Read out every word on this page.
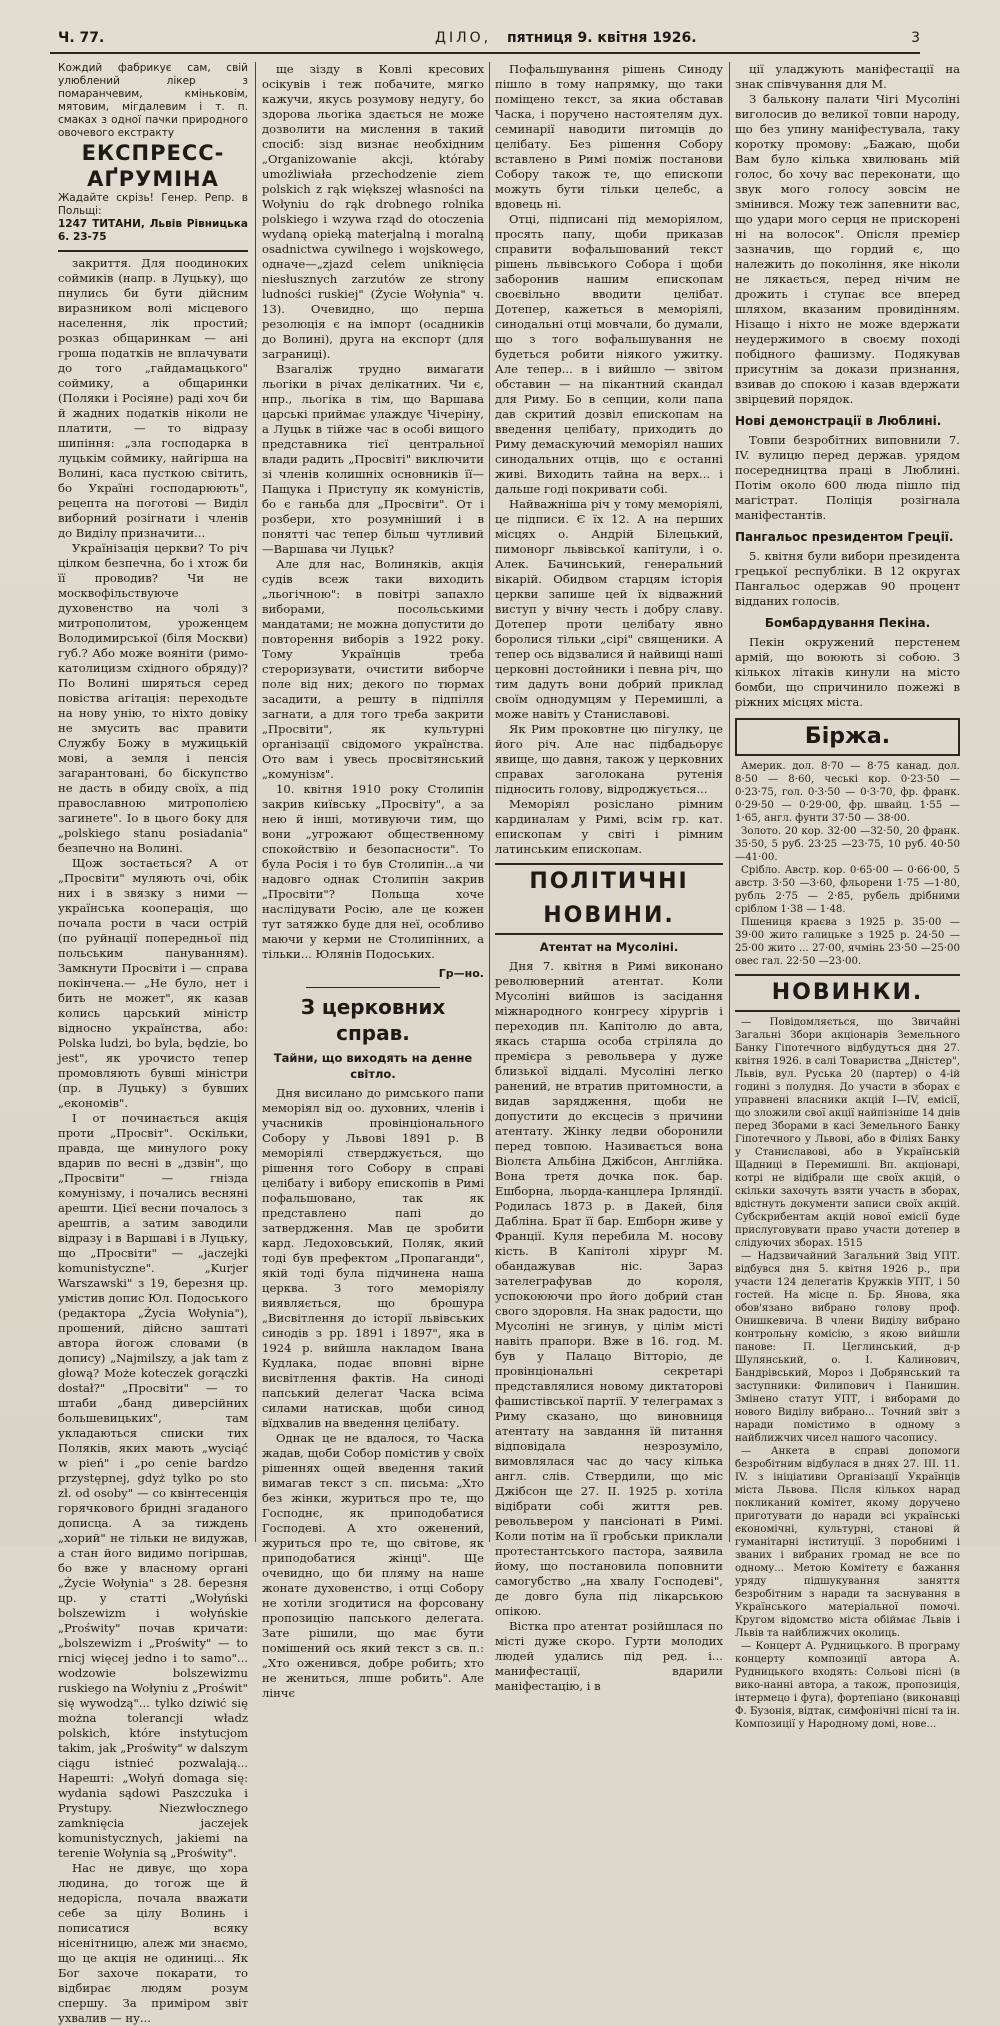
Ч. 77.	ДІЛО, пятниця 9. квітня 1926.	3

Кождий фабрикує сам, свій улюблений лікер з помаранчевим, кміньковім, мятовим, мігдалевим і т. п. смаках з одної пачки природного овочевого екстракту

ЕКСПРЕСС-АҐРУМІНА

Жадайте скрізь! Генер. Репр. в Польщі:

1247 ТИТАНИ, Львів Рівницька 6. 23-75

закриття. Для поодиноких соймиків (напр. в Луцьку), що пнулись би бути дійсним виразником волі місцевого населення, лік простий; розказ общаринкам — ані гроша податків не вплачувати до того „гайдамацького" соймику, а общаринки (Поляки і Росіяне) раді хоч би й жадних податків ніколи не платити, — то відразу шипіння: „зла господарка в луцькім соймику, найгірша на Волині, каса пусткою світить, бо Україні господарюють", рецепта на поготові — Виділ виборний розігнати і членів до Виділу призначити...

Українізація церкви? То річ цілком безпечна, бо і хтож би її проводив? Чи не москвофільствуюче духовенство на чолі з митрополитом, уроженцем Володимирської (біля Москви) губ.? Або може вояніти (римо-католицизм східного обряду)? По Волині ширяться серед повіства агітація: переходьте на нову унію, то ніхто довіку не змусить вас правити Службу Божу в мужицькій мові, а земля і пенсія загарантовані, бо біскупство не дасть в обиду своїх, а під православною митрополією загинете". Іо в цього боку для „polskiego stanu posiadania" безпечно на Волині.

Щож зостається? А от „Просвіти" муляють очі, обік них і в звязку з ними — українська кооперація, що почала рости в часи острій (по руйнації попередньої під польським пануванням). Замкнути Просвіти і — справа покінчена.— „Не було, нет і бить не может", як казав колись царський міністр відносно українства, або: Polska ludzi, bo byla, będzie, bo jest", як урочисто тепер промовляють бувші міністри (пр. в Луцьку) з бувших „економів".

І от починається акція проти „Просвіт". Оскільки, правда, ще минулого року вдарив по весні в „дзвін", що „Просвіти" — гнізда комунізму, і почались весняні арешти. Цієї весни почалось з арештів, а затим заводили відразу і в Варшаві і в Луцьку, що „Просвіти" — „jaczejki komunistyczne". „Kurjer Warszawski" з 19, березня цр. умістив допис Юл. Подоського (редактора „Życia Wołynia"), прошений, дійсно заштаті автора йогож словами (в допису) „Najmilszy, a jak tam z głową? Może koteczek gorączki dostał?" „Просвіти" — то штаби „банд диверсійних большевицьких", там укладаються списки тих Поляків, яких мають „wyciąć w pień" і „po cenie bardzo przystępnej, gdyż tylko po sto zł. od osoby" — со квінтесенція горячкового бридні згаданого дописца. А за тиждень „хорий" не тільки не видужав, а стан його видимо погіршав, бо вже у власному органі „Życie Wołynia" з 28. березня цр. у статті „Wołyński bolszewizm i wołyńskie „Proświty" почав кричати: „bolszewizm i „Proświty" — to rnicj więcej jedno i to samo"... wodzowie bolszewizmu ruskiego na Wołyniu z „Proświt" się wywodzą"... tylko dziwić się można tolerancji władz polskich, które instytucjom takim, jak „Proświty" w dalszym ciągu istnieć pozwalają... Нарешті: „Wołyń domaga się: wydania sądowi Paszczuka i Prystupy. Niezwłocznego zamknięcia jaczejek komunistycznych, jakiemi na terenie Wołynia są „Proświty".

Нас не дивує, що хора людина, до тогож ще й недорісла, почала вважати себе за цілу Волинь і пописатися всяку нісенітницю, алеж ми знаємо, що це акція не одиниці... Як Бог захоче покарати, то відбирає людям розум спершу. За приміром звіт ухвалив — ну...

ще зізду в Ковлі кресових осікувів і теж побачите, мягко кажучи, якусь розумову недугу, бо здорова льогіка здається не може дозволити на мислення в такий спосіб: зізд визнає необхідним „Organizowanie akcji, któraby umożliwiała przechodzenie ziem polskich z rąk większej własności na Wołyniu do rąk drobnego rolnika polskiego i wzywa rząd do otoczenia wydaną opieką materjalną i moralną osadnictwa cywilnego i wojskowego, одначе—„zjazd celem uniknięcia niesłusznych zarzutów ze strony ludności ruskiej" (Życie Wołynia" ч. 13). Очевидно, що перша резолюція є на імпорт (осадників до Волині), друга на експорт (для заграниці).

Взагаліж трудно вимагати льогіки в річах делікатних. Чи є, нпр., льогіка в тім, що Варшава царські приймає улаждує Чічеріну, а Луцьк в тійже час в особі вищого представника тієї центральної влади радить „Просвіті" виключити зі членів колишніх основників її—Пащука і Приступу як комуністів, бо є ганьба для „Просвіти". От і розбери, хто розумніший і в понятті час тепер більш чутливий—Варшава чи Луцьк?

Але для нас, Волинякiв, акція судів всеж таки виходить „льогічною": в повітрі запахло виборами, посольськими мандатами; не можна допустити до повторення виборів з 1922 року. Тому Українців треба стероризувати, очистити виборче поле від них; декого по тюрмах засадити, а решту в підпілля загнати, а для того треба закрити „Просвіти", як культурні організації свідомого українства. Ото вам і увесь просвітянський „комунізм".

10. квітня 1910 року Столипін закрив київську „Просвіту", а за нею й інші, мотивуючи тим, що вони „угрожают общественному спокойствію и безопасности". То була Росія і то був Столипін...а чи надовго однак Столипін закрив „Просвіти"? Польща хоче наслідувати Росію, але це кожен тут затяжко буде для неї, особливо маючи у керми не Столипінних, а тільки... Юлянів Подоських.

Гр—но.
З церковних справ.
Тайни, що виходять на денне світло.

Дня висилано до римського папи меморіял від оо. духовних, членів і учасників провінціонального Собору у Львові 1891 р. В меморіялі стверджується, що рішення того Собору в справі целібату і вибору епископів в Римі пофальшовано, так як представлено папі до затвердження. Мав це зробити кард. Ледоховський, Поляк, який тоді був префектом „Пропаганди", якій тоді була підчинена наша церква. З того меморіялу виявляється, що брошура „Висвітлення до історії львівських синодів з рр. 1891 і 1897", яка в 1924 р. вийшла накладом Івана Кудлака, подає вповні вірне висвітлення фактів. На синоді папський делегат Часка всіма силами натискав, щоби синод вїдхвалив на введення целібату.

Однак це не вдалося, то Часка жадав, щоби Собор помістив у своїх рішеннях ощей введення такий вимагав текст з сп. письма: „Хто без жінки, журиться про те, що Господнє, як приподобатися Господеві. А хто оженений, журиться про те, що світове, як приподобатися жінці". Ще очевидно, що би пляму на наше жонате духовенство, і отці Собору не хотіли згодитися на форсовану пропозицію папського делегата. Зате рішили, що має бути помішений ось який текст з св. п.: „Хто оженився, добре робить; хто не жениться, лпше робить". Але лінчє

Пофальшування рішень Синоду пішло в тому напрямку, що таки поміщено текст, за якиа обставав Часка, і поручено настоятелям дух. семинарії наводити питомців до целібату. Без рішення Собору вставлено в Римі поміж постанови Собору також те, що епископи можуть бути тільки целебс, а вдовець ні.

Отці, підписані під меморіялом, просять папу, щоби приказав справити вофальшований текст рішень львівського Собора і щоби заборонив нашим епископам своєвільно вводити целібат. Дотепер, кажеться в меморіялі, синодальні отці мовчали, бо думали, що з того вофальшування не будеться робити ніякого ужитку. Але тепер... в і вийшло — звітом обставин — на пікантний скандал для Риму. Бо в сепции, коли папа дав скритий дозвіл епископам на введення целібату, приходить до Риму демаскуючий меморіял наших синодальних отців, що є останні живі. Виходить тайна на верх... і дальше годі покривати собі.

Найважніша річ у тому меморіялі, це підписи. Є їх 12. А на перших місцях о. Андрій Білецький, пимонорг львівської капітули, і о. Алек. Бачинський, генеральний вікарій. Обидвом старцям історія церкви запише цей їх відважний виступ у вічну честь і добру славу. Дотепер проти целібату явно боролися тільки „сірі" священики. А тепер ось відзвалися й найвищі наші церковні достойники і певна річ, що тим дадуть вони добрий приклад своїм однодумцям у Перемишлі, а може навіть у Станиславові.

Як Рим проковтне цю пігулку, це його річ. Але нас підбадьорує явище, що давня, також у церковних справах заголокана рутенія підносить голову, відроджується...

Меморіял розіслано рімним кардиналам у Римі, всім гр. кат. епископам у світі і рімним латинським епископам.

ПОЛІТИЧНІ НОВИНИ.
Атентат на Мусоліні.

Дня 7. квітня в Римі виконано революверний атентат. Коли Мусоліні вийшов із засідання міжнародного конгресу хірургів і переходив пл. Капітолю до авта, якась старша особа стріляла до премієра з револьвера у дуже близької віддалі. Мусоліні легко ранений, не втратив притомности, а видав зарядження, щоби не допустити до ексцесів з причини атентату. Жінку ледви оборонили перед товпою. Називається вона Віолєта Альбіна Джібсон, Англійка. Вона третя дочка пок. бар. Ешборна, льорда-канцлера Ірляндії. Родилась 1873 р. в Дакей, біля Дабліна. Брат її бар. Ешборн живе у Франції. Куля перебила М. носову кість. В Капітолі хірург М. обандажував ніс. Зараз зателеграфував до короля, успокоюючи про його добрий стан свого здоровля. На знак радости, що Мусоліні не згинув, у цілім місті навіть прапори. Вже в 16. год. М. був у Палацо Вітторіо, де провінціональні секретарі представлялися новому диктаторові фашистівської партії. У телеграмах з Риму сказано, що виновниця атентату на завдання їй питання відповідала незрозуміло, вимовлялася час до часу кілька англ. слів. Ствердили, що міс Джібсон ще 27. II. 1925 р. хотіла відібрати собі життя рев. револьвером у пансіонаті в Римі. Коли потім на її гробськи приклали протестантського пастора, заявила йому, що постановила поповнити самогубство „на хвалу Господеві", де довго була під лікарською опікою.

Вістка про атентат розійшлася по місті дуже скоро. Гурти молодих людей удались під ред. і... манифестації, вдарили маніфестацію, і в

ції уладжують маніфестації на знак співчування для М.

З балькону палати Чігі Мусоліні виголосив до великої товпи народу, що без упину маніфестувала, таку коротку промову: „Бажаю, щоби Вам було кілька хвилювань мій голос, бо хочу вас переконати, що звук мого голосу зовсім не змінився. Можу теж запевнити вас, що удари мого серця не прискорені ні на волосок". Опісля премієр зазначив, що гордий є, що належить до покоління, яке ніколи не лякається, перед нічим не дрожить і ступає все вперед шляхом, вказаним провидінням. Нізащо і ніхто не може вдержати неудержимого в своєму поході побідного фашизму. Подякував присутнім за докази признання, взивав до спокою і казав вдержати звірцевий порядок.

Нові демонстрації в Люблині.

Товпи безробітних виповнили 7. IV. вулицю перед держав. урядом посередництва праці в Люблині. Потім около 600 люда пішло під магістрат. Поліція розігнала маніфестантів.

Пангальос президентом Греції.

5. квітня були вибори президента грецької республіки. В 12 округах Пангальос одержав 90 процент відданих голосів.

Бомбардування Пекіна.

Пекін окружений перстенем армій, що воюють зі собою. З кількох літаків кинули на місто бомби, що спричинило пожежі в ріжних місцях міста.

Біржа.

Америк. дол. 8·70 — 8·75 канад. дол. 8·50 — 8·60, чеські кор. 0·23·50 — 0·23·75, гол. 0·3·50 — 0·3·70, фр. франк. 0·29·50 — 0·29·00, фр. швайц. 1·55 — 1·65, англ. фунти 37·50 — 38·00.

Золото. 20 кор. 32·00 —32·50, 20 франк. 35·50, 5 руб. 23·25 —23·75, 10 руб. 40·50 —41·00.

Срібло. Австр. кор. 0·65·00 — 0·66·00, 5 австр. 3·50 —3·60, фльорени 1·75 —1·80, рубль 2·75 — 2·85, рубель дрібними сріблом 1·38 — 1·48.

Пшениця краєва з 1925 р. 35·00 — 39·00 жито галицьке з 1925 р. 24·50 —25·00 жито ... 27·00, ячмінь 23·50 —25·00 овес гал. 22·50 —23·00.

НОВИНКИ.

— Повідомляється, що Звичайні Загальні Збори акціонарів Земельного Банку Гіпотечного відбудуться дня 27. квітня 1926. в салі Товариства „Дністер", Львів, вул. Руська 20 (партер) о 4-ій годині з полудня. До участи в зборах є управнені власники акцій I—IV, емісії, що зложили свої акції найпізніше 14 днів перед Зборами в касі Земельного Банку Гіпотечного у Львові, або в Філіях Банку у Станиславові, або в Українській Щадниці в Перемишлі. Вп. акціонарі, котрі не відібрали ще своїх акцій, о скільки захочуть взяти участь в зборах, вдістнуть документи записи своїх акцій. Субскрибентам акцій нової емісії буде прислуговувати право участи дотепер в слідуючих зборах. 1515

— Надзвичайний Загальний Звід УПТ. відбувся дня 5. квітня 1926 р., при участи 124 делегатів Кружків УПТ, і 50 гостей. На місце п. Бр. Янова, яка обов'язано вибрано голову проф. Онишкевича. В члени Виділу вибрано контрольну комісію, з якою вийшли панове: П. Цеглинський, д-р Шулянський, о. І. Калинович, Бандрівський, Мороз і Добрянський та заступники: Филипович і Панишин. Змінено статут УПТ, і виборами до нового Виділу вибрано... Точний звіт з наради помістимо в одному з найближчих чисел нашого часопису.

— Анкета в справі допомоги безробітним відбулася в днях 27. III. 11. IV. з ініціативи Організації Українців міста Львова. Після кількох нарад покликаний комітет, якому доручено приготувати до наради всі українські економічні, культурні, станові й гуманітарні інституції. З поробнимі і званих і вибраних громад не все по одному... Метою Комітету є бажання уряду підшукування заняття безробітним з наради та заснування в Українського матеріальної помочі. Кругом відомство міста обіймає Львів і Львів та найближчих околиць.

— Концерт А. Рудницького. В програму концерту композиції автора А. Рудницького входять: Сольові пісні (в вико-нанні автора, а також, пропозиція, інтермецо і фуга), фортепіано (виконавці Ф. Бузонія, відтак, симфонічні пісні та ін. Композиції у Народному домі, нове...
